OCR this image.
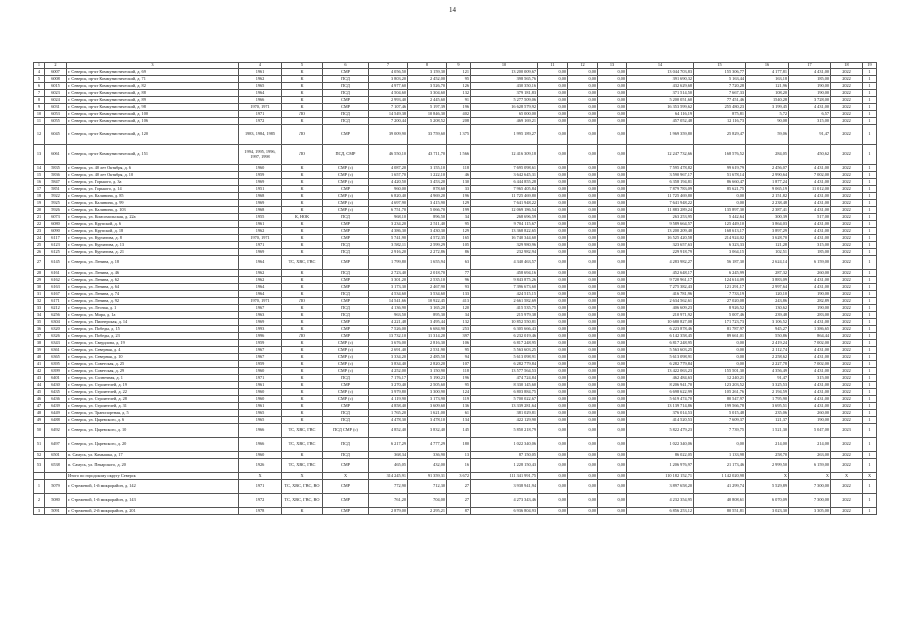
14
1	2	3	4	5	6	7	8	9	10	11	12	13	14	15	16	17	18	19
4	6007	г. Северск, пр-кт Коммунистический, д. 69	1961	К	СМР	4 056,50	3 159,30	121	13 200 009,67	0,00	0,00	0,00	13 044 703,83	155 306,77	4 177,81	4 431,00	2022	1
5	6008	г. Северск, пр-кт Коммунистический, д. 71	1962	К	ПСД	3 803,20	2 452,00	95	398 565,76	0,00	0,00	0,00	391 690,32	5 163,44	163,18	185,00	2022	1
6	6015	г. Северск, пр-кт Коммунистический, д. 82	1965	К	ПСД	4 977,60	3 526,70	126	430 350,16	0,00	0,00	0,00	432 629,68	7 720,28	121,96	190,00	2022	1
7	6023	г. Северск, пр-кт Коммунистический, д. 88	1964	К	ПСД	4 504,60	3 304,60	132	379 181,83	0,00	0,00	0,00	371 514,50	7 667,33	108,20	190,00	2022	1
8	6024	г. Северск, пр-кт Коммунистический, д. 89	1966	К	СМР	2 993,40	2 445,60	91	5 277 509,06	0,00	0,00	0,00	5 200 051,60	77 451,46	1540,28	3 728,00	2022	1
9	6031	г. Северск, пр-кт Коммунистический, д. 98	1970, 1971	К	СМР	7 107,46	5 197,39	196	16 628 579,92	0,00	0,00	0,00	16 353 599,62	255 480,23	3 199,45	4 431,00	2022	1
10	6053	г. Северск, пр-кт Коммунистический, д. 100	1971	ЛО	ПСД	14 549,38	10 846,30	402	65 000,00	0,00	0,00	0,00	64 116,19	875,81	5,72	6,57	2022	1
11	6055	г. Северск, пр-кт Коммунистический, д. 106	1972	К	ПСД	7 200,44	5 208,52	208	469 169,21	0,00	0,00	0,00	457 052,48	12 116,73	90,08	315,00	2022	1
12	6045	г. Северск, пр-кт Коммунистический, д. 120	1983, 1984, 1985	ЛО	СМР	39 009,90	33 759,60	1 375	1 995 189,27	0,00	0,00	0,00	1 969 359,80	25 829,47	59,06	91,47	2022	1
13	6061	г. Северск, пр-кт Коммунистический, д. 151	1994, 1995, 1996, 1997, 1998	ЛО	ПСД, СМР	46 550,10	43 711,70	1 566	12 416 309,18	0,00	0,00	0,00	12 247 732,66	168 576,52	284,05	450,62	2022	1
14	5835	г. Северск, ул. 40 лет Октября, д. 6	1960	К	СМР (с)	4 087,20	3 155,10	118	7 695 098,61	0,00	0,00	0,00	7 595 478,82	99 619,79	2 456,07	4 431,00	2022	1
15	5836	г. Северск, ул. 40 лет Октября, д. 10	1959	К	СМР (с)	1 657,70	1 222,10	46	3 642 645,31	0,00	0,00	0,00	3 590 967,17	51 678,14	2 990,64	7 002,00	2022	1
16	5847	г. Северск, ул. Горького, д. 3а	1969	К	СМР (с)	4 420,50	3 453,20	130	6 444 855,28	0,00	0,00	0,00	6 358 194,81	86 660,47	1 877,24	4 431,00	2022	1
17	5851	г. Северск, ул. Горького, д. 14	1951	К	СМР	960,00	878,60	33	7 965 405,84	0,00	0,00	0,00	7 879 783,09	85 621,75	9 065,19	11 012,00	2022	1
18	5922	г. Северск, ул. Калинина, д. 85	1968	К	СМР (с)	6 820,40	4 969,20	196	11 725 469,80	0,00	0,00	0,00	11 725 469,80	0,00	2 151,82	4 431,00	2022	1
19	5925	г. Северск, ул. Калинина, д. 99	1969	К	СМР (с)	4 697,90	3 415,90	129	7 641 948,22	0,00	0,00	0,00	7 641 948,22	0,00	2 238,48	4 431,00	2022	1
20	5926	г. Северск, ул. Калинина, д. 103	1968	К	СМР (с)	6 751,70	5 066,70	199	12 069 186,54	0,00	0,00	0,00	11 883 289,24	135 897,30	2 387,41	4 431,00	2022	1
21	6073	г. Северск, ул. Комсомольская, д. 22а	1955	К, НОК	ПСД	968,10	896,50	34	268 696,59	0,00	0,00	0,00	263 253,95	5 442,64	300,39	517,00	2022	1
22	6080	г. Северск, ул. Крупской, д. 6	1961	К	СМР	3 234,20	2 511,40	95	9 704 115,67	0,00	0,00	0,00	9 589 664,57	125 449,10	3 864,03	4 431,00	2022	1
23	6090	г. Северск, ул. Крупской, д. 18	1962	К	СМР	4 386,30	3 430,30	129	13 368 822,65	0,00	0,00	0,00	13 200 209,48	168 613,17	3 897,29	4 431,00	2022	1
24	6117	г. Северск, ул. Курчатова, д. 8	1970, 1971	К	СМР	5 741,90	4 572,35	165	16 740 344,60	0,00	0,00	0,00	16 525 420,58	214 924,02	3 628,70	4 431,00	2022	1
25	6123	г. Северск, ул. Курчатова, д. 13	1971	К	ПСД	3 582,11	2 599,29	105	329 980,96	0,00	0,00	0,00	323 657,63	6 323,33	121,28	315,00	2022	1
26	6125	г. Северск, ул. Курчатова, д. 21	1969	К	ПСД	2 916,20	2 272,86	86	232 982,94	0,00	0,00	0,00	229 918,79	3 064,15	102,51	185,00	2022	1
27	6145	г. Северск, ул. Ленина, д. 18	1964	ТС, ХВС, ГВС	СМР	1 799,80	1 655,94	63	4 340 463,57	0,00	0,00	0,00	4 283 982,27	56 187,30	2 624,14	6 159,00	2022	1
28	6161	г. Северск, ул. Ленина, д. 46	1962	К	ПСД	2 723,40	2 018,70	77	458 694,16	0,00	0,00	0,00	452 648,17	6 245,99	287,32	260,00	2022	1
29	6162	г. Северск, ул. Ленина, д. 62	1962	К	СМР	3 301,20	2 535,10	96	9 843 875,26	0,00	0,00	0,00	9 720 961,17	124 614,09	3 883,09	4 431,00	2022	1
30	6163	г. Северск, ул. Ленина, д. 64	1964	К	СМР	3 173,30	2 467,90	93	7 396 673,60	0,00	0,00	0,00	7 275 382,43	121 291,17	2 997,64	4 431,00	2022	1
31	6167	г. Северск, ул. Ленина, д. 74	1964	К	ПСД	4 534,60	3 534,60	133	424 515,15	0,00	0,00	0,00	416 781,96	7 733,19	120,10	190,00	2022	1
32	6171	г. Северск, ул. Ленина, д. 92	1970, 1971	ЛО	СМР	14 541,66	10 922,45	413	2 661 582,69	0,00	0,00	0,00	2 634 562,61	27 020,08	243,86	282,89	2022	1
33	6212	г. Северск, ул. Лесная, д. 1	1967	К	ПСД	4 136,90	3 165,20	120	415 535,75	0,00	0,00	0,00	406 609,23	8 926,52	130,62	190,00	2022	1
34	6256	г. Северск, ул. Мира, д. 1а	1963	К	ПСД	963,50	895,30	34	215 979,38	0,00	0,00	0,00	210 971,92	5 007,46	239,48	283,00	2022	1
35	6304	г. Северск, ул. Пионерская, д. 14	1969	К	СМР	4 221,48	3 495,44	132	10 852 550,81	0,00	0,00	0,00	10 680 827,08	171 723,73	3 106,52	4 431,00	2022	1
36	6320	г. Северск, ул. Победы, д. 15	1993	К	СМР	7 526,00	6 684,90	253	6 305 666,43	0,00	0,00	0,00	6 223 878,46	81 787,97	945,27	1 386,65	2022	1
37	6326	г. Северск, ул. Победы, д. 23	1996	ЛО	СМР	13 732,10	11 314,20	397	6 232 019,46	0,00	0,00	0,00	6 142 358,45	89 661,01	550,86	864,44	2022	1
38	6343	г. Северск, ул. Свердлова, д. 19	1959	К	СМР (с)	3 676,00	2 816,30	106	6 817 248,95	0,00	0,00	0,00	6 817 248,95	0,00	2 419,24	7 002,00	2022	1
39	6361	г. Северск, ул. Северная, д. 4	1967	К	СМР (с)	2 691,40	2 531,90	95	5 563 603,25	0,00	0,00	0,00	5 563 603,25	0,00	2 112,74	4 431,00	2022	1
40	6365	г. Северск, ул. Северная, д. 10	1967	К	СМР (с)	3 334,20	2 485,50	94	5 613 098,91	0,00	0,00	0,00	5 613 098,91	0,00	2 258,62	4 431,00	2022	1
41	6395	г. Северск, ул. Советская, д. 25	1959	К	СМР (с)	3 834,40	2 820,20	107	6 282 779,84	0,00	0,00	0,00	6 282 779,84	0,00	2 227,78	7 002,00	2022	1
42	6399	г. Северск, ул. Советская, д. 29	1960	К	СМР (с)	4 252,00	3 150,90	118	13 577 564,53	0,00	0,00	0,00	13 422 063,23	155 501,30	4 356,49	4 431,00	2022	1
43	6401	г. Северск, ул. Солнечная, д. 1	1971	К	ПСД	7 176,17	5 190,23	196	474 724,84	0,00	0,00	0,00	462 484,63	12 240,21	91,47	315,00	2022	1
44	6430	г. Северск, ул. Строителей, д. 19	1961	К	СМР	3 270,40	2 505,60	95	8 330 145,60	0,00	0,00	0,00	8 206 941,70	123 203,52	3 325,53	4 431,00	2022	1
45	6435	г. Северск, ул. Строителей, д. 22	1960	К	СМР (с)	3 979,80	3 300,90	124	6 803 884,75	0,00	0,00	0,00	6 698 622,99	105 261,76	2 194,59	4 431,00	2022	1
46	6436	г. Северск, ул. Строителей, д. 28	1960	К	СМР (с)	4 119,90	3 173,90	119	5 700 022,67	0,00	0,00	0,00	5 619 474,70	80 547,97	1 795,90	4 431,00	2022	1
47	6439	г. Северск, ул. Строителей, д. 31	1961	К	СМР	4 858,40	3 609,60	136	13 339 281,64	0,00	0,00	0,00	13 139 714,86	199 566,78	3 695,51	4 431,00	2022	1
48	6449	г. Северск, ул. Транспортная, д. 5	1965	К	ПСД	1 765,20	1 621,00	61	381 029,81	0,00	0,00	0,00	376 014,53	5 015,48	235,06	260,00	2022	1
49	6488	г. Северск, ул. Царевского, д. 6	1965	К	ПСД	4 478,30	3 478,10	134	422 129,90	0,00	0,00	0,00	414 520,53	7 609,37	121,37	190,00	2022	1
50	6492	г. Северск, ул. Царевского, д. 10	1966	ТС, ХВС, ГВС	ПСД СМР (с)	4 852,40	3 832,40	145	5 850 218,79	0,00	0,00	0,00	5 822 479,23	7 739,75	1 521,30	5 047,00	2023	1
51	6497	г. Северск, ул. Царевского, д. 20	1966	ТС, ХВС, ГВС	ПСД	6 217,29	4 777,29	180	1 022 340,06	0,00	0,00	0,00	1 022 340,06	0,00	214,00	214,00	2022	1
52	6501	п. Самусь, ул. Камышка, д. 17	1960	К	ПСД	368,34	336,90	13	87 150,05	0,00	0,00	0,00	86 022,05	1 133,98	258,70	263,00	2022	1
53	6538	п. Самусь, ул. Пекарского, д. 20	1926	ТС, ХВС, ГВС	СМР	465,05	432,00	16	1 228 150,43	0,00	0,00	0,00	1 206 976,97	21 173,46	2 999,50	6 159,00	2022	1
		Итого по городскому округу Северск	Х	Х	Х	314 245,91	91 359,31	3 672	111 341 991,75	0,00	0,00	0,00	110 182 152,71	1 142 020,98	Х	Х	Х	Х
1	5079	г. Стрежевой, 1-й микрорайон, д. 142	1971	ТС, ХВС, ГВС, ВО	СМР	772,90	712,30	27	3 938 941,94	0,00	0,00	0,00	3 897 658,20	41 299,74	5 529,89	7 300,00	2022	1
2	5080	г. Стрежевой, 1-й микрорайон, д. 143	1972	ТС, ХВС, ГВС, ВО	СМР	761,20	704,00	27	4 273 343,46	0,00	0,00	0,00	4 232 354,95	40 808,61	6 070,09	7 300,00	2022	1
3	5091	г. Стрежевой, 2-й микрорайон, д. 201	1978	К	СМР	2 879,00	2 295,21	87	6 936 804,93	0,00	0,00	0,00	6 856 253,12	80 551,81	3 023,30	3 305,00	2022	1
